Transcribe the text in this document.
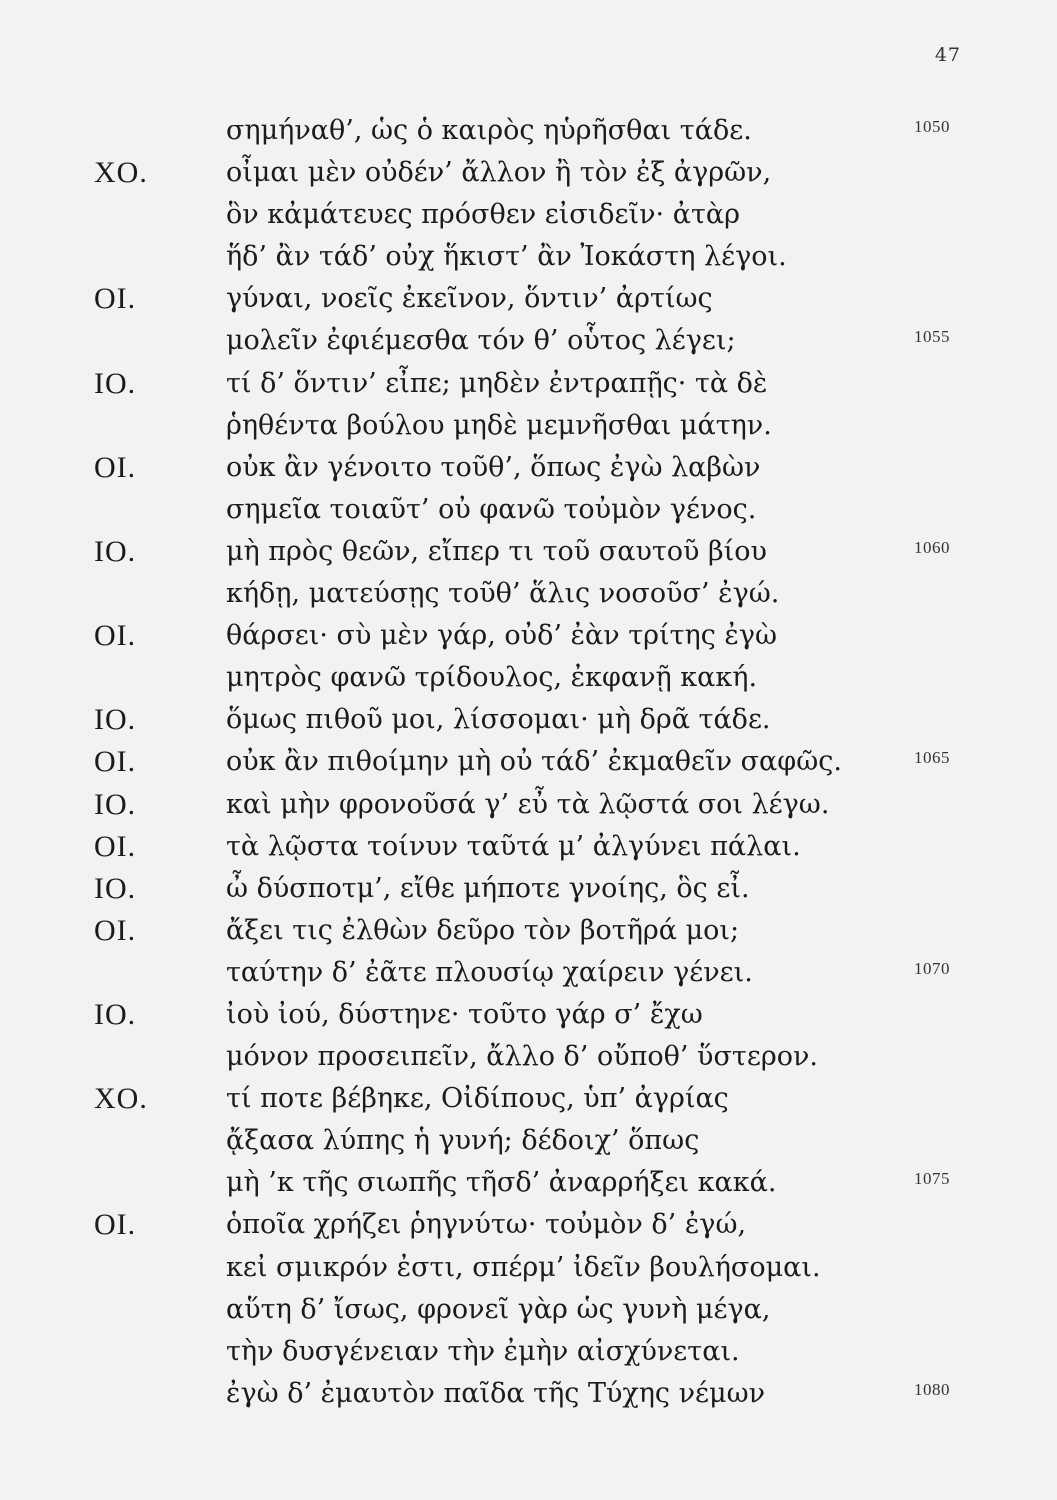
47
σημήναθ’, ὡς ὁ καιρὸς ηὑρῆσθαι τάδε.	1050
ΧΟ.	οἶμαι μὲν οὐδέν’ ἄλλον ἢ τὸν ἐξ ἀγρῶν,
ὃν κἀμάτευες πρόσθεν εἰσιδεῖν· ἀτὰρ
ἥδ’ ἂν τάδ’ οὐχ ἥκιστ’ ἂν Ἰοκάστη λέγοι.
ΟΙ.	γύναι, νοεῖς ἐκεῖνον, ὅντιν’ ἀρτίως
μολεῖν ἐφιέμεσθα τόν θ’ οὗτος λέγει;	1055
ΙΟ.	τί δ’ ὅντιν’ εἶπε; μηδὲν ἐντραπῇς· τὰ δὲ
ῥηθέντα βούλου μηδὲ μεμνῆσθαι μάτην.
ΟΙ.	οὐκ ἂν γένοιτο τοῦθ’, ὅπως ἐγὼ λαβὼν
σημεῖα τοιαῦτ’ οὐ φανῶ τοὐμὸν γένος.
ΙΟ.	μὴ πρὸς θεῶν, εἴπερ τι τοῦ σαυτοῦ βίου	1060
κήδῃ, ματεύσῃς τοῦθ’ ἅλις νοσοῦσ’ ἐγώ.
ΟΙ.	θάρσει· σὺ μὲν γάρ, οὐδ’ ἐὰν τρίτης ἐγὼ
μητρὸς φανῶ τρίδουλος, ἐκφανῇ κακή.
ΙΟ.	ὅμως πιθοῦ μοι, λίσσομαι· μὴ δρᾶ τάδε.
ΟΙ.	οὐκ ἂν πιθοίμην μὴ οὐ τάδ’ ἐκμαθεῖν σαφῶς.	1065
ΙΟ.	καὶ μὴν φρονοῦσά γ’ εὖ τὰ λῷστά σοι λέγω.
ΟΙ.	τὰ λῷστα τοίνυν ταῦτά μ’ ἀλγύνει πάλαι.
ΙΟ.	ὦ δύσποτμ’, εἴθε μήποτε γνοίης, ὃς εἶ.
ΟΙ.	ἄξει τις ἐλθὼν δεῦρο τὸν βοτῆρά μοι;
ταύτην δ’ ἐᾶτε πλουσίῳ χαίρειν γένει.	1070
ΙΟ.	ἰοὺ ἰού, δύστηνε· τοῦτο γάρ σ’ ἔχω
μόνον προσειπεῖν, ἄλλο δ’ οὔποθ’ ὕστερον.
ΧΟ.	τί ποτε βέβηκε, Οἰδίπους, ὑπ’ ἀγρίας
ᾄξασα λύπης ἡ γυνή; δέδοιχ’ ὅπως
μὴ ’κ τῆς σιωπῆς τῆσδ’ ἀναρρήξει κακά.	1075
ΟΙ.	ὁποῖα χρήζει ῥηγνύτω· τοὐμὸν δ’ ἐγώ,
κεἰ σμικρόν ἐστι, σπέρμ’ ἰδεῖν βουλήσομαι.
αὕτη δ’ ἴσως, φρονεῖ γὰρ ὡς γυνὴ μέγα,
τὴν δυσγένειαν τὴν ἐμὴν αἰσχύνεται.
ἐγὼ δ’ ἐμαυτὸν παῖδα τῆς Τύχης νέμων	1080
